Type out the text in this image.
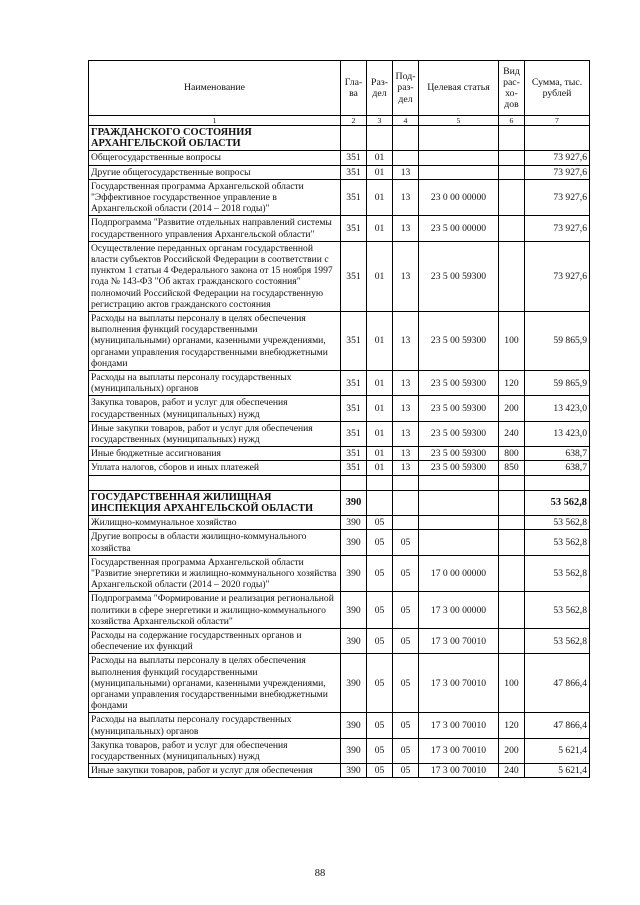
Наименование	Гла-ва	Раз-дел	Под-раз-дел	Целевая статья	Вид рас-хо-дов	Сумма, тыс. рублей
1	2	3	4	5	6	7
ГРАЖДАНСКОГО СОСТОЯНИЯ АРХАНГЕЛЬСКОЙ ОБЛАСТИ						
Общегосударственные вопросы	351	01				73 927,6
Другие общегосударственные вопросы	351	01	13			73 927,6
Государственная программа Архангельской области "Эффективное государственное управление в Архангельской области (2014 – 2018 годы)"	351	01	13	23 0 00 00000		73 927,6
Подпрограмма "Развитие отдельных направлений системы государственного управления Архангельской области"	351	01	13	23 5 00 00000		73 927,6
Осуществление переданных органам государственной власти субъектов Российской Федерации в соответствии с пунктом 1 статьи 4 Федерального закона от 15 ноября 1997 года № 143-ФЗ "Об актах гражданского состояния" полномочий Российской Федерации на государственную регистрацию актов гражданского состояния	351	01	13	23 5 00 59300		73 927,6
Расходы на выплаты персоналу в целях обеспечения выполнения функций государственными (муниципальными) органами, казенными учреждениями, органами управления государственными внебюджетными фондами	351	01	13	23 5 00 59300	100	59 865,9
Расходы на выплаты персоналу государственных (муниципальных) органов	351	01	13	23 5 00 59300	120	59 865,9
Закупка товаров, работ и услуг для обеспечения государственных (муниципальных) нужд	351	01	13	23 5 00 59300	200	13 423,0
Иные закупки товаров, работ и услуг для обеспечения государственных (муниципальных) нужд	351	01	13	23 5 00 59300	240	13 423,0
Иные бюджетные ассигнования	351	01	13	23 5 00 59300	800	638,7
Уплата налогов, сборов и иных платежей	351	01	13	23 5 00 59300	850	638,7

ГОСУДАРСТВЕННАЯ ЖИЛИЩНАЯ ИНСПЕКЦИЯ АРХАНГЕЛЬСКОЙ ОБЛАСТИ	390					53 562,8
Жилищно-коммунальное хозяйство	390	05				53 562,8
Другие вопросы в области жилищно-коммунального хозяйства	390	05	05			53 562,8
Государственная программа Архангельской области "Развитие энергетики и жилищно-коммунального хозяйства Архангельской области (2014 – 2020 годы)"	390	05	05	17 0 00 00000		53 562,8
Подпрограмма "Формирование и реализация региональной политики в сфере энергетики и жилищно-коммунального хозяйства Архангельской области"	390	05	05	17 3 00 00000		53 562,8
Расходы на содержание государственных органов и обеспечение их функций	390	05	05	17 3 00 70010		53 562,8
Расходы на выплаты персоналу в целях обеспечения выполнения функций государственными (муниципальными) органами, казенными учреждениями, органами управления государственными внебюджетными фондами	390	05	05	17 3 00 70010	100	47 866,4
Расходы на выплаты персоналу государственных (муниципальных) органов	390	05	05	17 3 00 70010	120	47 866,4
Закупка товаров, работ и услуг для обеспечения государственных (муниципальных) нужд	390	05	05	17 3 00 70010	200	5 621,4
Иные закупки товаров, работ и услуг для обеспечения	390	05	05	17 3 00 70010	240	5 621,4
88
